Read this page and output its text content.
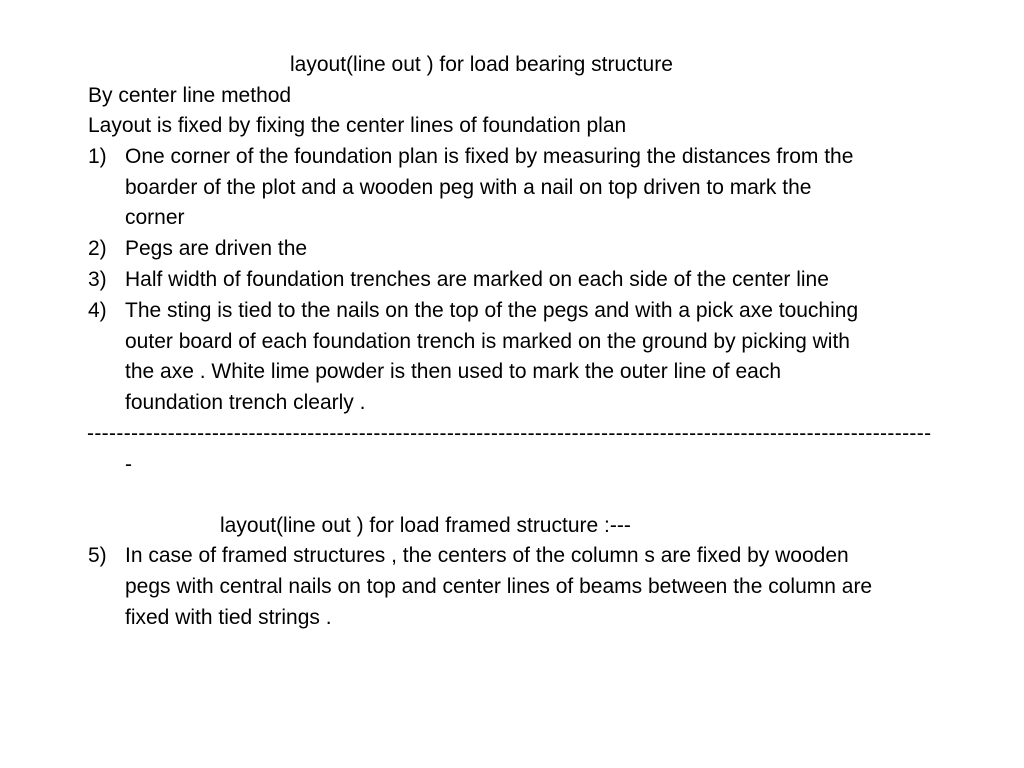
layout(line out ) for load bearing structure
By center line method
Layout is fixed by fixing the center lines of foundation plan
1) One corner of the foundation plan is fixed by measuring the distances from the
boarder of the plot and a wooden peg with a nail on top driven to mark the
corner
2) Pegs are driven the
3) Half width of foundation trenches are marked on each side of the center line
4) The sting is tied to the nails on the top of the pegs and with a pick axe touching
outer board of each foundation trench is marked on the ground by picking with
the axe . White lime powder is then used to mark the outer line of each
foundation trench clearly .
-------------------------------------------------------------------------------------------------------------------
-
layout(line out ) for load framed structure :---
5) In case of framed structures , the centers of the column s are fixed by wooden
pegs with central nails on top and center lines of beams between the column are
fixed with tied strings .
